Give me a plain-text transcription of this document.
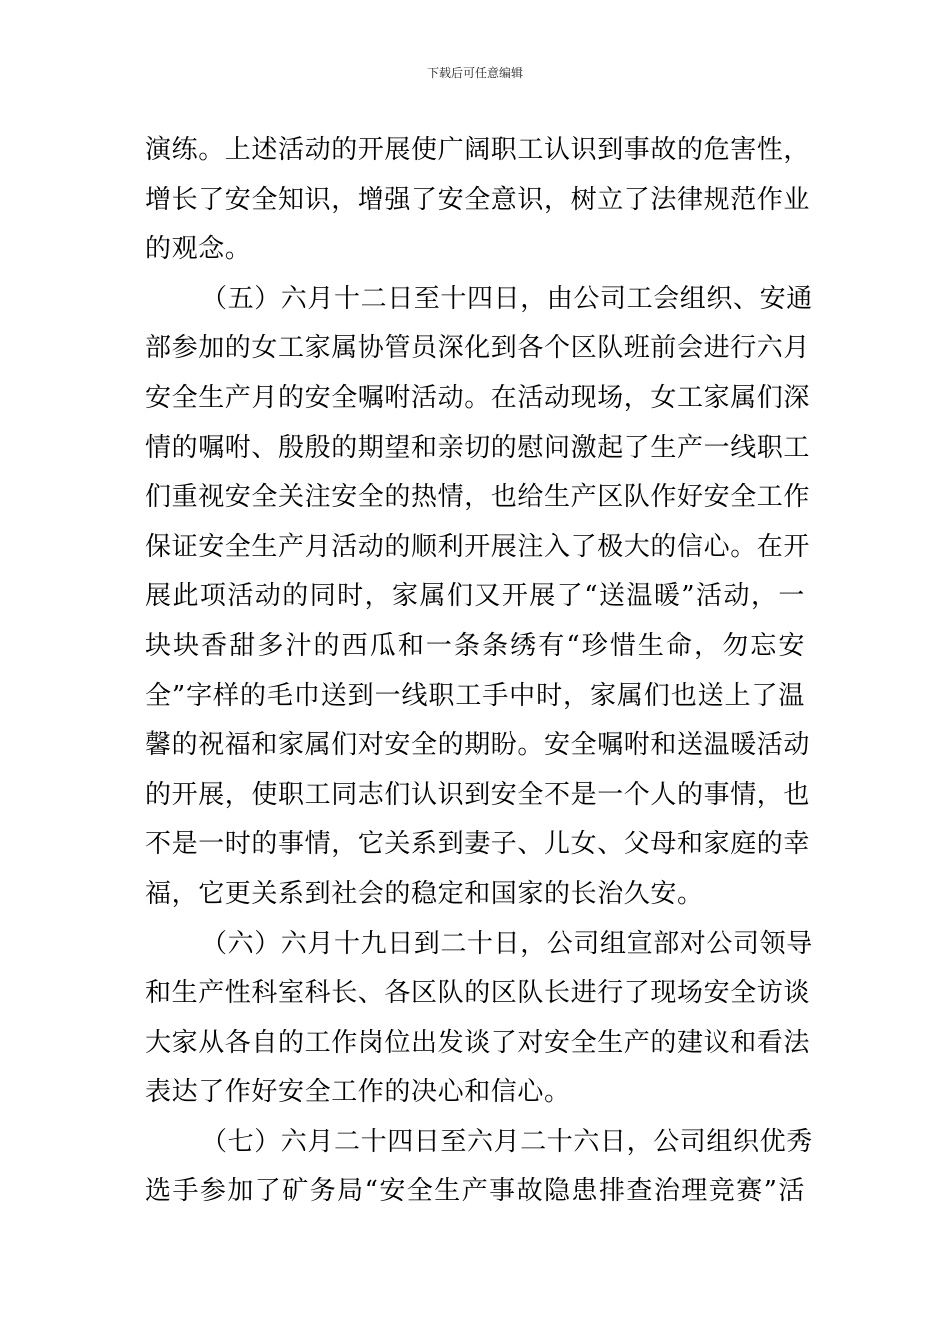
下载后可任意编辑
演练。上述活动的开展使广阔职工认识到事故的危害性，
增长了安全知识，增强了安全意识，树立了法律规范作业
的观念。
（五）六月十二日至十四日，由公司工会组织、安通
部参加的女工家属协管员深化到各个区队班前会进行六月
安全生产月的安全嘱咐活动。在活动现场，女工家属们深
情的嘱咐、殷殷的期望和亲切的慰问激起了生产一线职工
们重视安全关注安全的热情，也给生产区队作好安全工作
保证安全生产月活动的顺利开展注入了极大的信心。在开
展此项活动的同时，家属们又开展了“送温暖”活动，一
块块香甜多汁的西瓜和一条条绣有“珍惜生命，勿忘安
全”字样的毛巾送到一线职工手中时，家属们也送上了温
馨的祝福和家属们对安全的期盼。安全嘱咐和送温暖活动
的开展，使职工同志们认识到安全不是一个人的事情，也
不是一时的事情，它关系到妻子、儿女、父母和家庭的幸
福，它更关系到社会的稳定和国家的长治久安。
（六）六月十九日到二十日，公司组宣部对公司领导
和生产性科室科长、各区队的区队长进行了现场安全访谈
大家从各自的工作岗位出发谈了对安全生产的建议和看法
表达了作好安全工作的决心和信心。
（七）六月二十四日至六月二十六日，公司组织优秀
选手参加了矿务局“安全生产事故隐患排查治理竞赛”活
